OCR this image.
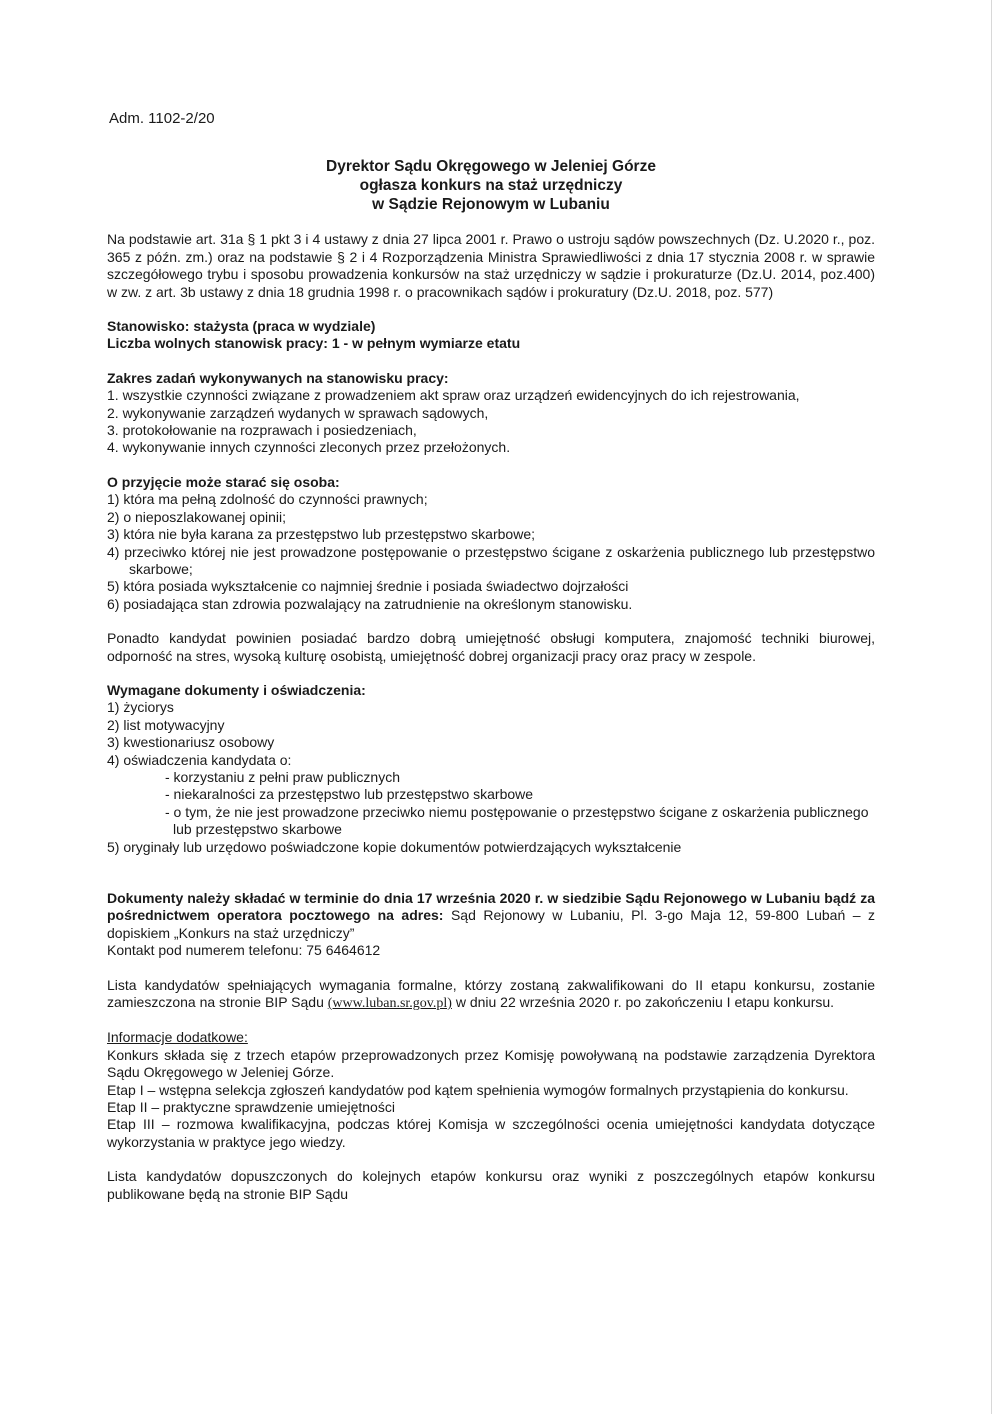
Adm. 1102-2/20
Dyrektor Sądu Okręgowego w Jeleniej Górze
ogłasza konkurs na staż urzędniczy
w Sądzie Rejonowym w Lubaniu

Na podstawie art. 31a § 1 pkt 3 i 4 ustawy z dnia 27 lipca 2001 r. Prawo o ustroju sądów powszechnych (Dz. U.2020 r., poz. 365 z późn. zm.) oraz na podstawie § 2 i 4 Rozporządzenia Ministra Sprawiedliwości z dnia 17 stycznia 2008 r. w sprawie szczegółowego trybu i sposobu prowadzenia konkursów na staż urzędniczy w sądzie i prokuraturze (Dz.U. 2014, poz.400) w zw. z art. 3b ustawy z dnia 18 grudnia 1998 r. o pracownikach sądów i prokuratury (Dz.U. 2018, poz. 577)

Stanowisko: stażysta (praca w wydziale)

Liczba wolnych stanowisk pracy: 1 - w pełnym wymiarze etatu

Zakres zadań wykonywanych na stanowisku pracy:

1. wszystkie czynności związane z prowadzeniem akt spraw oraz urządzeń ewidencyjnych do ich rejestrowania,

2. wykonywanie zarządzeń wydanych w sprawach sądowych,

3. protokołowanie na rozprawach i posiedzeniach,

4. wykonywanie innych czynności zleconych przez przełożonych.

O przyjęcie może starać się osoba:

1) która ma pełną zdolność do czynności prawnych;

2) o nieposzlakowanej opinii;

3) która nie była karana za przestępstwo lub przestępstwo skarbowe;

4) przeciwko której nie jest prowadzone postępowanie o przestępstwo ścigane z oskarżenia publicznego lub przestępstwo skarbowe;

5) która posiada wykształcenie co najmniej średnie i posiada świadectwo dojrzałości

6) posiadająca stan zdrowia pozwalający na zatrudnienie na określonym stanowisku.

Ponadto kandydat powinien posiadać bardzo dobrą umiejętność obsługi komputera, znajomość techniki biurowej, odporność na stres, wysoką kulturę osobistą, umiejętność dobrej organizacji pracy oraz pracy w zespole.

Wymagane dokumenty i oświadczenia:

1) życiorys

2) list motywacyjny

3) kwestionariusz osobowy

4) oświadczenia kandydata o:

- korzystaniu z pełni praw publicznych

- niekaralności za przestępstwo lub przestępstwo skarbowe

- o tym, że nie jest prowadzone przeciwko niemu postępowanie o przestępstwo ścigane z oskarżenia publicznego lub przestępstwo skarbowe

5) oryginały lub urzędowo poświadczone kopie dokumentów potwierdzających wykształcenie

Dokumenty należy składać w terminie do dnia 17 września 2020 r. w siedzibie Sądu Rejonowego w Lubaniu bądź za pośrednictwem operatora pocztowego na adres: Sąd Rejonowy w Lubaniu, Pl. 3-go Maja 12, 59-800 Lubań – z dopiskiem „Konkurs na staż urzędniczy”

Kontakt pod numerem telefonu: 75 6464612

Lista kandydatów spełniających wymagania formalne, którzy zostaną zakwalifikowani do II etapu konkursu, zostanie zamieszczona na stronie BIP Sądu (www.luban.sr.gov.pl) w dniu 22 września 2020 r. po zakończeniu I etapu konkursu.

Informacje dodatkowe:

Konkurs składa się z trzech etapów przeprowadzonych przez Komisję powoływaną na podstawie zarządzenia Dyrektora Sądu Okręgowego w Jeleniej Górze.

Etap I – wstępna selekcja zgłoszeń kandydatów pod kątem spełnienia wymogów formalnych przystąpienia do konkursu.

Etap II – praktyczne sprawdzenie umiejętności

Etap III – rozmowa kwalifikacyjna, podczas której Komisja w szczególności ocenia umiejętności kandydata dotyczące wykorzystania w praktyce jego wiedzy.

Lista kandydatów dopuszczonych do kolejnych etapów konkursu oraz wyniki z poszczególnych etapów konkursu publikowane będą na stronie BIP Sądu
